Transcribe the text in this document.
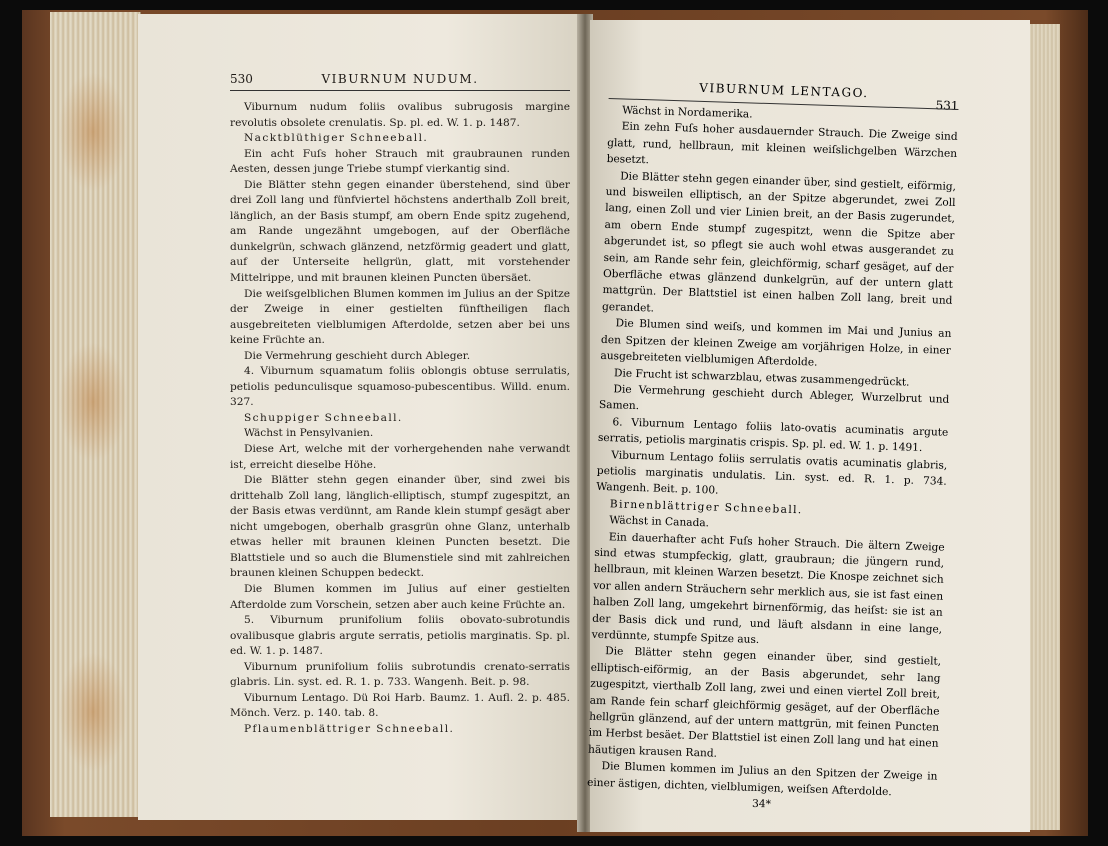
530	VIBURNUM NUDUM.

Viburnum nudum foliis ovalibus subrugosis margine revolutis obsolete crenulatis. Sp. pl. ed. W. 1. p. 1487.

Nacktblüthiger Schneeball.

Ein acht Fuſs hoher Strauch mit graubraunen runden Aesten, dessen junge Triebe stumpf vierkantig sind.

Die Blätter stehn gegen einander überstehend, sind über drei Zoll lang und fünfviertel höchstens anderthalb Zoll breit, länglich, an der Basis stumpf, am obern Ende spitz zugehend, am Rande ungezähnt umgebogen, auf der Oberfläche dunkelgrün, schwach glänzend, netzförmig geadert und glatt, auf der Unterseite hellgrün, glatt, mit vorstehender Mittelrippe, und mit braunen kleinen Puncten übersäet.

Die weiſsgelblichen Blumen kommen im Julius an der Spitze der Zweige in einer gestielten fünftheiligen flach ausgebreiteten vielblumigen Afterdolde, setzen aber bei uns keine Früchte an.

Die Vermehrung geschieht durch Ableger.

4. Viburnum squamatum foliis oblongis obtuse serrulatis, petiolis pedunculisque squamoso-pubescentibus. Willd. enum. 327.

Schuppiger Schneeball.

Wächst in Pensylvanien.

Diese Art, welche mit der vorhergehenden nahe verwandt ist, erreicht dieselbe Höhe.

Die Blätter stehn gegen einander über, sind zwei bis drittehalb Zoll lang, länglich-elliptisch, stumpf zugespitzt, an der Basis etwas verdünnt, am Rande klein stumpf gesägt aber nicht umgebogen, oberhalb grasgrün ohne Glanz, unterhalb etwas heller mit braunen kleinen Puncten besetzt. Die Blattstiele und so auch die Blumenstiele sind mit zahlreichen braunen kleinen Schuppen bedeckt.

Die Blumen kommen im Julius auf einer gestielten Afterdolde zum Vorschein, setzen aber auch keine Früchte an.

5. Viburnum prunifolium foliis obovato-subrotundis ovalibusque glabris argute serratis, petiolis marginatis. Sp. pl. ed. W. 1. p. 1487.

Viburnum prunifolium foliis subrotundis crenato-serratis glabris. Lin. syst. ed. R. 1. p. 733. Wangenh. Beit. p. 98.

Viburnum Lentago. Dü Roi Harb. Baumz. 1. Aufl. 2. p. 485. Mönch. Verz. p. 140. tab. 8.

Pflaumenblättriger Schneeball.

VIBURNUM LENTAGO.
531

Wächst in Nordamerika.

Ein zehn Fuſs hoher ausdauernder Strauch. Die Zweige sind glatt, rund, hellbraun, mit kleinen weiſslichgelben Wärzchen besetzt.

Die Blätter stehn gegen einander über, sind gestielt, eiförmig, und bisweilen elliptisch, an der Spitze abgerundet, zwei Zoll lang, einen Zoll und vier Linien breit, an der Basis zugerundet, am obern Ende stumpf zugespitzt, wenn die Spitze aber abgerundet ist, so pflegt sie auch wohl etwas ausgerandet zu sein, am Rande sehr fein, gleichförmig, scharf gesäget, auf der Oberfläche etwas glänzend dunkelgrün, auf der untern glatt mattgrün. Der Blattstiel ist einen halben Zoll lang, breit und gerandet.

Die Blumen sind weiſs, und kommen im Mai und Junius an den Spitzen der kleinen Zweige am vorjährigen Holze, in einer ausgebreiteten vielblumigen Afterdolde.

Die Frucht ist schwarzblau, etwas zusammengedrückt.

Die Vermehrung geschieht durch Ableger, Wurzelbrut und Samen.

6. Viburnum Lentago foliis lato-ovatis acuminatis argute serratis, petiolis marginatis crispis. Sp. pl. ed. W. 1. p. 1491.

Viburnum Lentago foliis serrulatis ovatis acuminatis glabris, petiolis marginatis undulatis. Lin. syst. ed. R. 1. p. 734. Wangenh. Beit. p. 100.

Birnenblättriger Schneeball.

Wächst in Canada.

Ein dauerhafter acht Fuſs hoher Strauch. Die ältern Zweige sind etwas stumpfeckig, glatt, graubraun; die jüngern rund, hellbraun, mit kleinen Warzen besetzt. Die Knospe zeichnet sich vor allen andern Sträuchern sehr merklich aus, sie ist fast einen halben Zoll lang, umgekehrt birnenförmig, das heiſst: sie ist an der Basis dick und rund, und läuft alsdann in eine lange, verdünnte, stumpfe Spitze aus.

Die Blätter stehn gegen einander über, sind gestielt, elliptisch-eiförmig, an der Basis abgerundet, sehr lang zugespitzt, vierthalb Zoll lang, zwei und einen viertel Zoll breit, am Rande fein scharf gleichförmig gesäget, auf der Oberfläche hellgrün glänzend, auf der untern mattgrün, mit feinen Puncten im Herbst besäet. Der Blattstiel ist einen Zoll lang und hat einen häutigen krausen Rand.

Die Blumen kommen im Julius an den Spitzen der Zweige in einer ästigen, dichten, vielblumigen, weiſsen Afterdolde.

34*
